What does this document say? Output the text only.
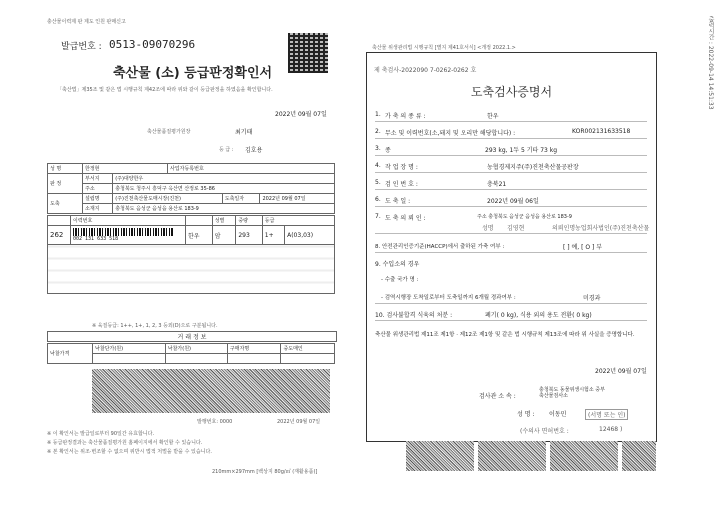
충산물이력제 판 제도 인원 판매신고
발급번호 : 0513-09070296
축산물 (소) 등급판정확인서
「축산법」제35조 및 같은 법 시행규칙 제42조에 따라 위와 같이 등급판정을 하였음을 확인합니다.
2022년 09월 07일
축산물품질평가원장	최기태
등 급 : 김호용
성 명	한정현		사업자등록번호		
판 정	부서지	(주)대양한우			
	주소	충청북도 청주시 흥덕구 옥산면 산정로 35-86			
도축	설립명	(주)진천축산물도매시장(진천)		도축일자	2022년 09월 07일
	소재지	충청북도 음성군 음성읍 용산로 183-9			
	이력번호		성별	중량	등급	
262	002 131 633 518	한우	암	293	1+	A(03,03)

※ 육질등급: 1++, 1+, 1, 2, 3 등외(D)으로 구분됩니다.
거 래 정 보
낙찰가격	낙찰단가(원)	낙찰가(원)	구매자명	중도매인

발행번호: 0000	2022년 09월 07일
※ 이 확인서는 발급일로부터 90일간 유효합니다.
※ 등급판정결과는 축산물품질평가원 홈페이지에서 확인할 수 있습니다.
※ 본 확인서는 위조·변조할 수 없으며 위반시 법적 처벌을 받을 수 있습니다.
210mm×297mm [백상지 80g/㎡ (재활용품)]
축산물 위생관리법 시행규칙 [별지 제41호서식] <개정 2022.1.>
제 축검사-2022090 7-0262-0262 호
도축검사증명서
1. 가 축 의 종 류 :	한우
2. 무소 및 이력번호(소,돼지 및 오리만 해당합니다) :	KOR002131633518
3. 종	293 kg, 1두 5 기타 73 kg
4. 작 업 장 명 :	농협경제지주(주)진천축산물공판장
5. 검 인 번 호 :	충북21
6. 도 축 일 :	2022년 09월 06일
7. 도 축 의 뢰 인 :	주소 충청북도 음성군 음성읍 용산로 183-9
성명 김영현	의뢰인명 농업회사법인(주)진천축산물
8. 안전관리인증기준(HACCP)에서 출하된 가축 여부 :	[ ] 예, [ O ] 부
9. 수입소의 경우
- 수출 국가 명 :
- 검역시행장 도착일로부터 도축일까지 6개월 경과여부 :	미경과
10. 검사불합격 식육의 처분 :	폐기( 0 kg), 식용 외의 용도 전환( 0 kg)
축산물 위생관리법 제11조 제1항 · 제12조 제1항 및 같은 법 시행규칙 제13조에 따라 위 사실을 증명합니다.
2022년 09월 07일
검사관 소 속 :
충청북도 동물위생시험소 중부축산물검사소
성 명 : 이동민	(서명 또는 인)
(수의사 면허번호 :	12468 )
출력시간 : 2022-09-14 14:51:33
